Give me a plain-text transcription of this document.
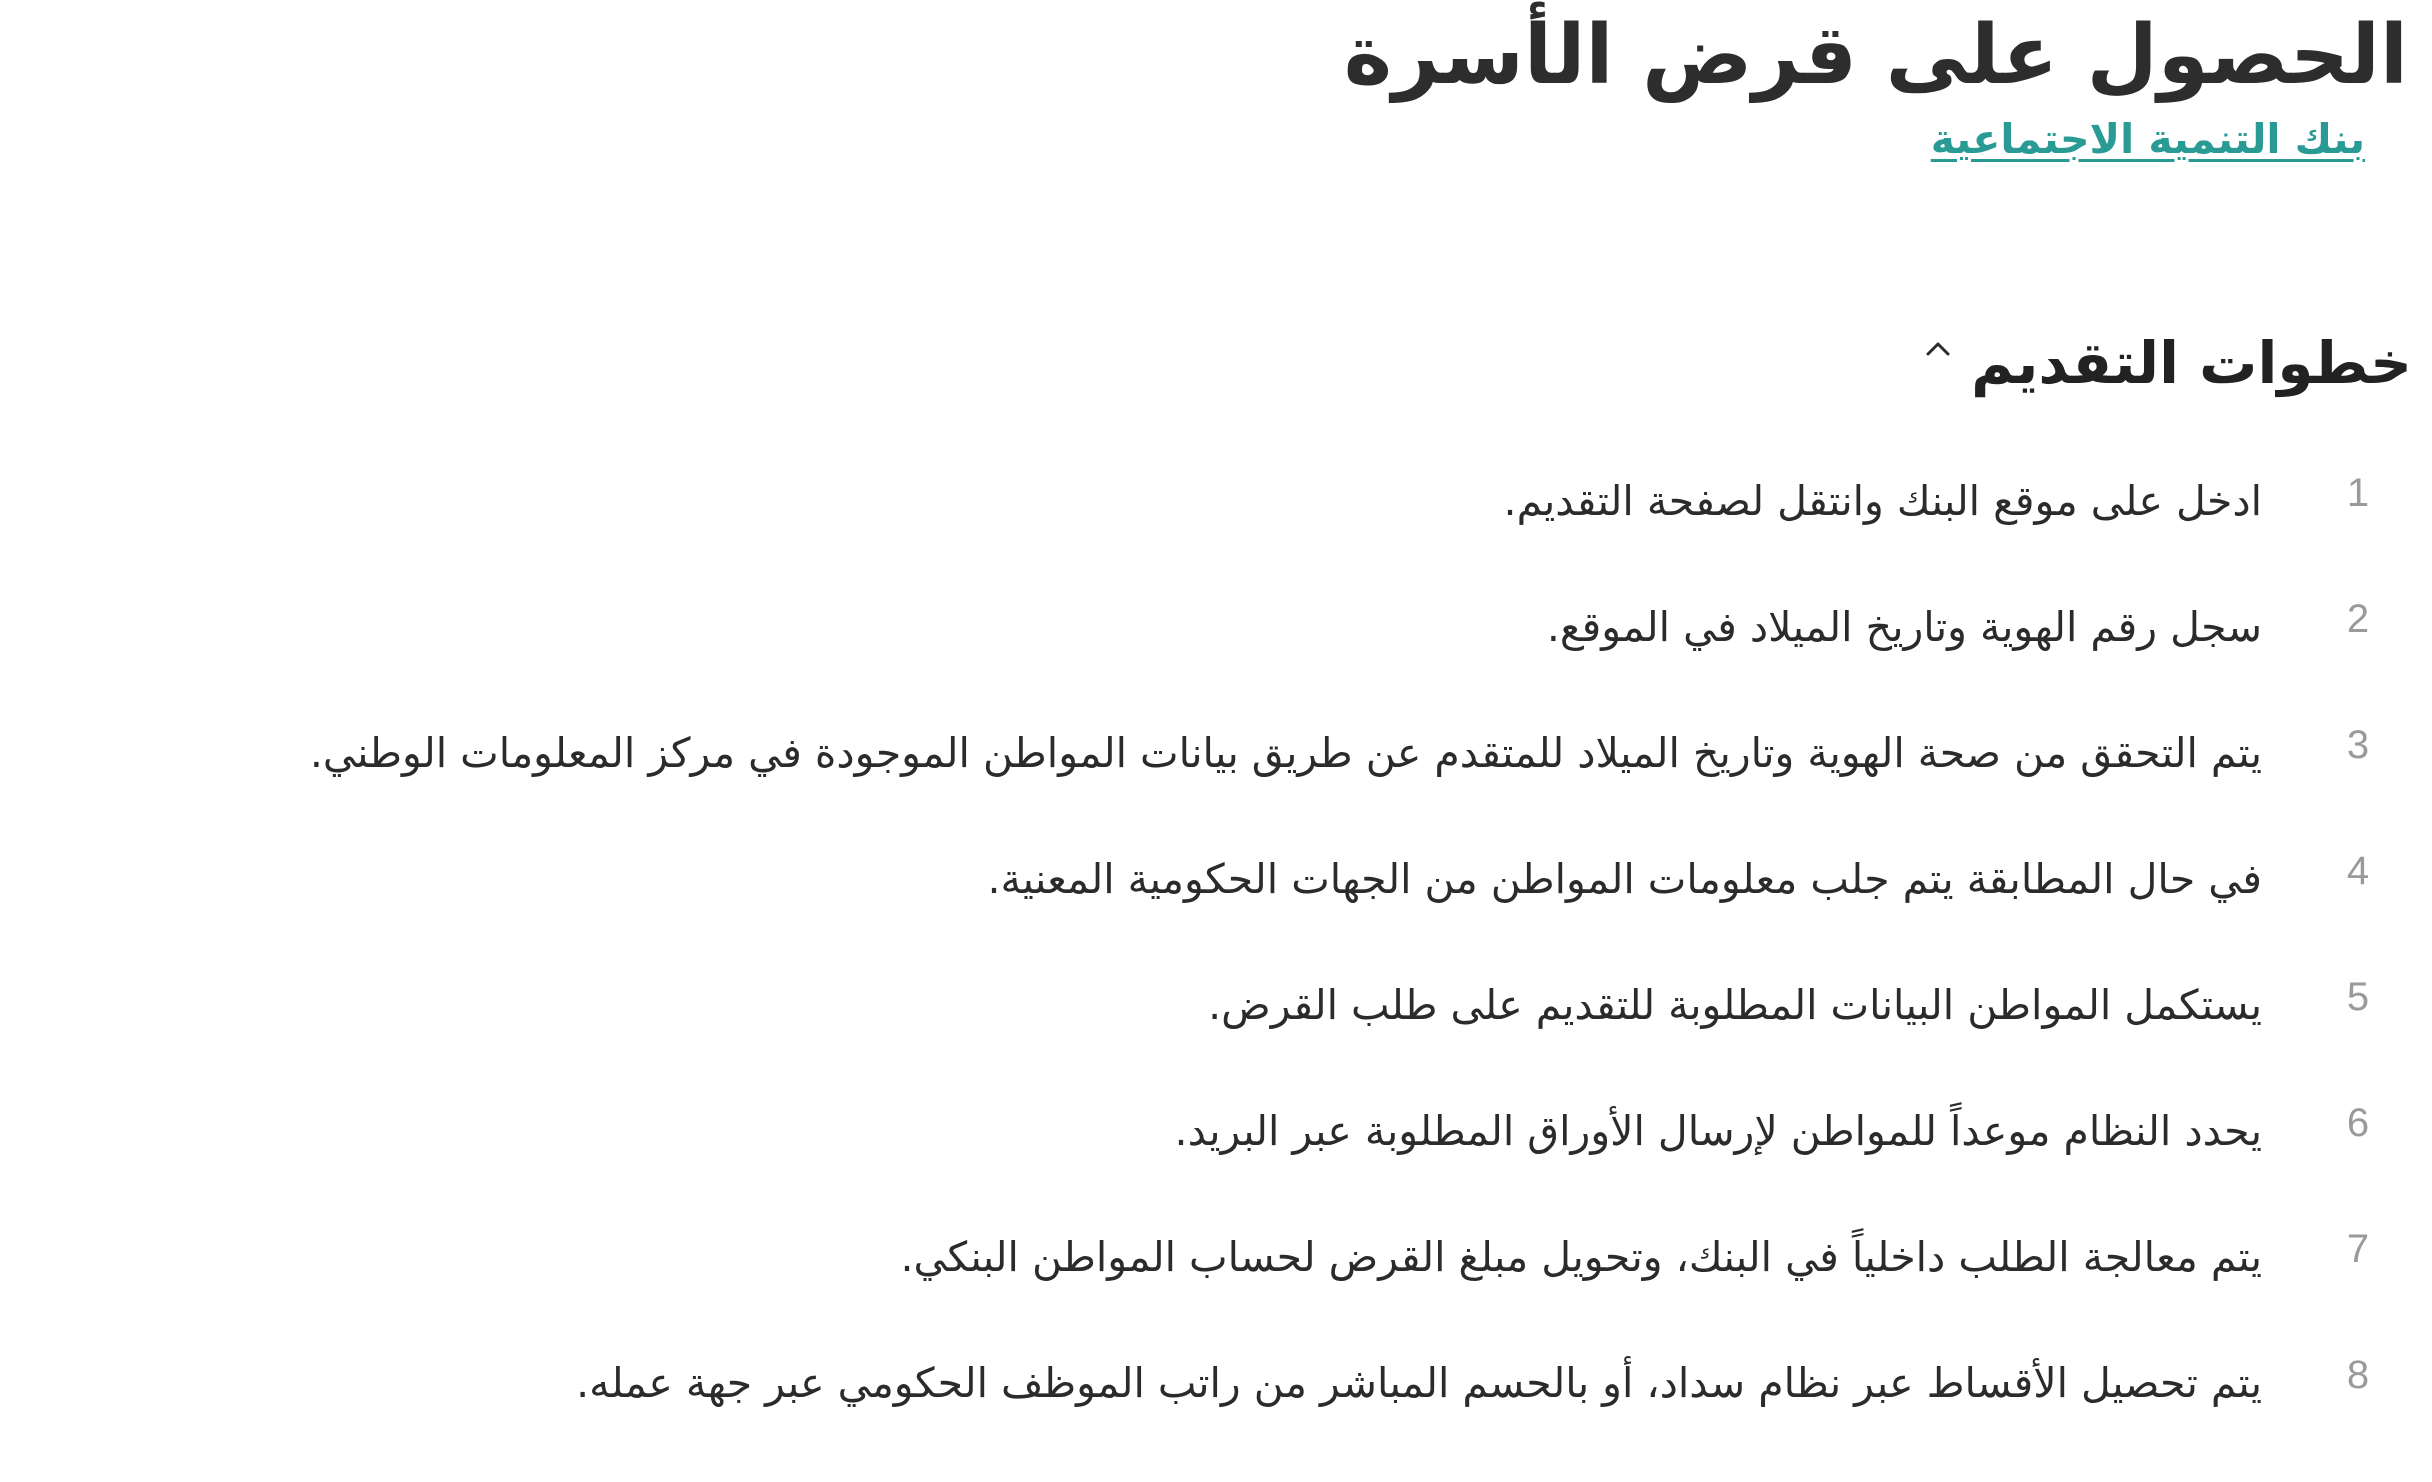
الحصول على قرض الأسرة
بنك التنمية الاجتماعية
خطوات التقديم
1
ادخل على موقع البنك وانتقل لصفحة التقديم.
2
سجل رقم الهوية وتاريخ الميلاد في الموقع.
3
يتم التحقق من صحة الهوية وتاريخ الميلاد للمتقدم عن طريق بيانات المواطن الموجودة في مركز المعلومات الوطني.
4
في حال المطابقة يتم جلب معلومات المواطن من الجهات الحكومية المعنية.
5
يستكمل المواطن البيانات المطلوبة للتقديم على طلب القرض.
6
يحدد النظام موعداً للمواطن لإرسال الأوراق المطلوبة عبر البريد.
7
يتم معالجة الطلب داخلياً في البنك، وتحويل مبلغ القرض لحساب المواطن البنكي.
8
يتم تحصيل الأقساط عبر نظام سداد، أو بالحسم المباشر من راتب الموظف الحكومي عبر جهة عمله.
